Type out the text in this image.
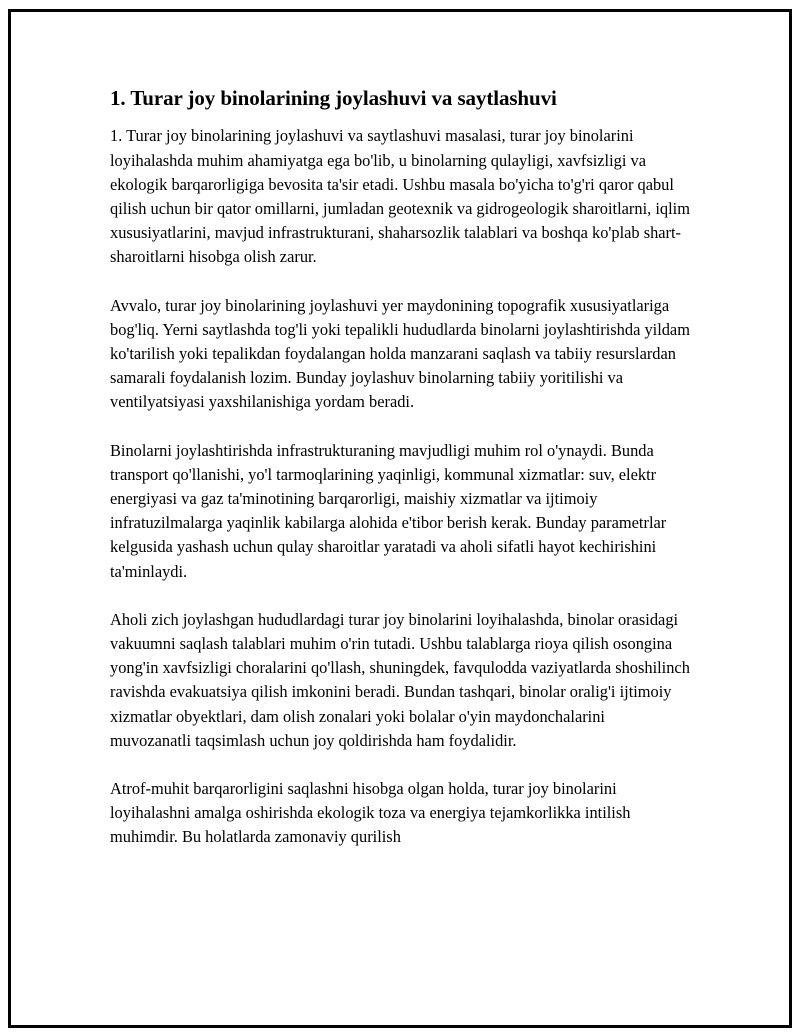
1. Turar joy binolarining joylashuvi va saytlashuvi

1. Turar joy binolarining joylashuvi va saytlashuvi masalasi, turar joy binolarini loyihalashda muhim ahamiyatga ega bo'lib, u binolarning qulayligi, xavfsizligi va ekologik barqarorligiga bevosita ta'sir etadi. Ushbu masala bo'yicha to'g'ri qaror qabul qilish uchun bir qator omillarni, jumladan geotexnik va gidrogeologik sharoitlarni, iqlim xususiyatlarini, mavjud infrastrukturani, shaharsozlik talablari va boshqa ko'plab shart-sharoitlarni hisobga olish zarur.

Avvalo, turar joy binolarining joylashuvi yer maydonining topografik xususiyatlariga bog'liq. Yerni saytlashda tog'li yoki tepalikli hududlarda binolarni joylashtirishda yildam ko'tarilish yoki tepalikdan foydalangan holda manzarani saqlash va tabiiy resurslardan samarali foydalanish lozim. Bunday joylashuv binolarning tabiiy yoritilishi va ventilyatsiyasi yaxshilanishiga yordam beradi.

Binolarni joylashtirishda infrastrukturaning mavjudligi muhim rol o'ynaydi. Bunda transport qo'llanishi, yo'l tarmoqlarining yaqinligi, kommunal xizmatlar: suv, elektr energiyasi va gaz ta'minotining barqarorligi, maishiy xizmatlar va ijtimoiy infratuzilmalarga yaqinlik kabilarga alohida e'tibor berish kerak. Bunday parametrlar kelgusida yashash uchun qulay sharoitlar yaratadi va aholi sifatli hayot kechirishini ta'minlaydi.

Aholi zich joylashgan hududlardagi turar joy binolarini loyihalashda, binolar orasidagi vakuumni saqlash talablari muhim o'rin tutadi. Ushbu talablarga rioya qilish osongina yong'in xavfsizligi choralarini qo'llash, shuningdek, favqulodda vaziyatlarda shoshilinch ravishda evakuatsiya qilish imkonini beradi. Bundan tashqari, binolar oralig'i ijtimoiy xizmatlar obyektlari, dam olish zonalari yoki bolalar o'yin maydonchalarini muvozanatli taqsimlash uchun joy qoldirishda ham foydalidir.

Atrof-muhit barqarorligini saqlashni hisobga olgan holda, turar joy binolarini loyihalashni amalga oshirishda ekologik toza va energiya tejamkorlikka intilish muhimdir. Bu holatlarda zamonaviy qurilish
